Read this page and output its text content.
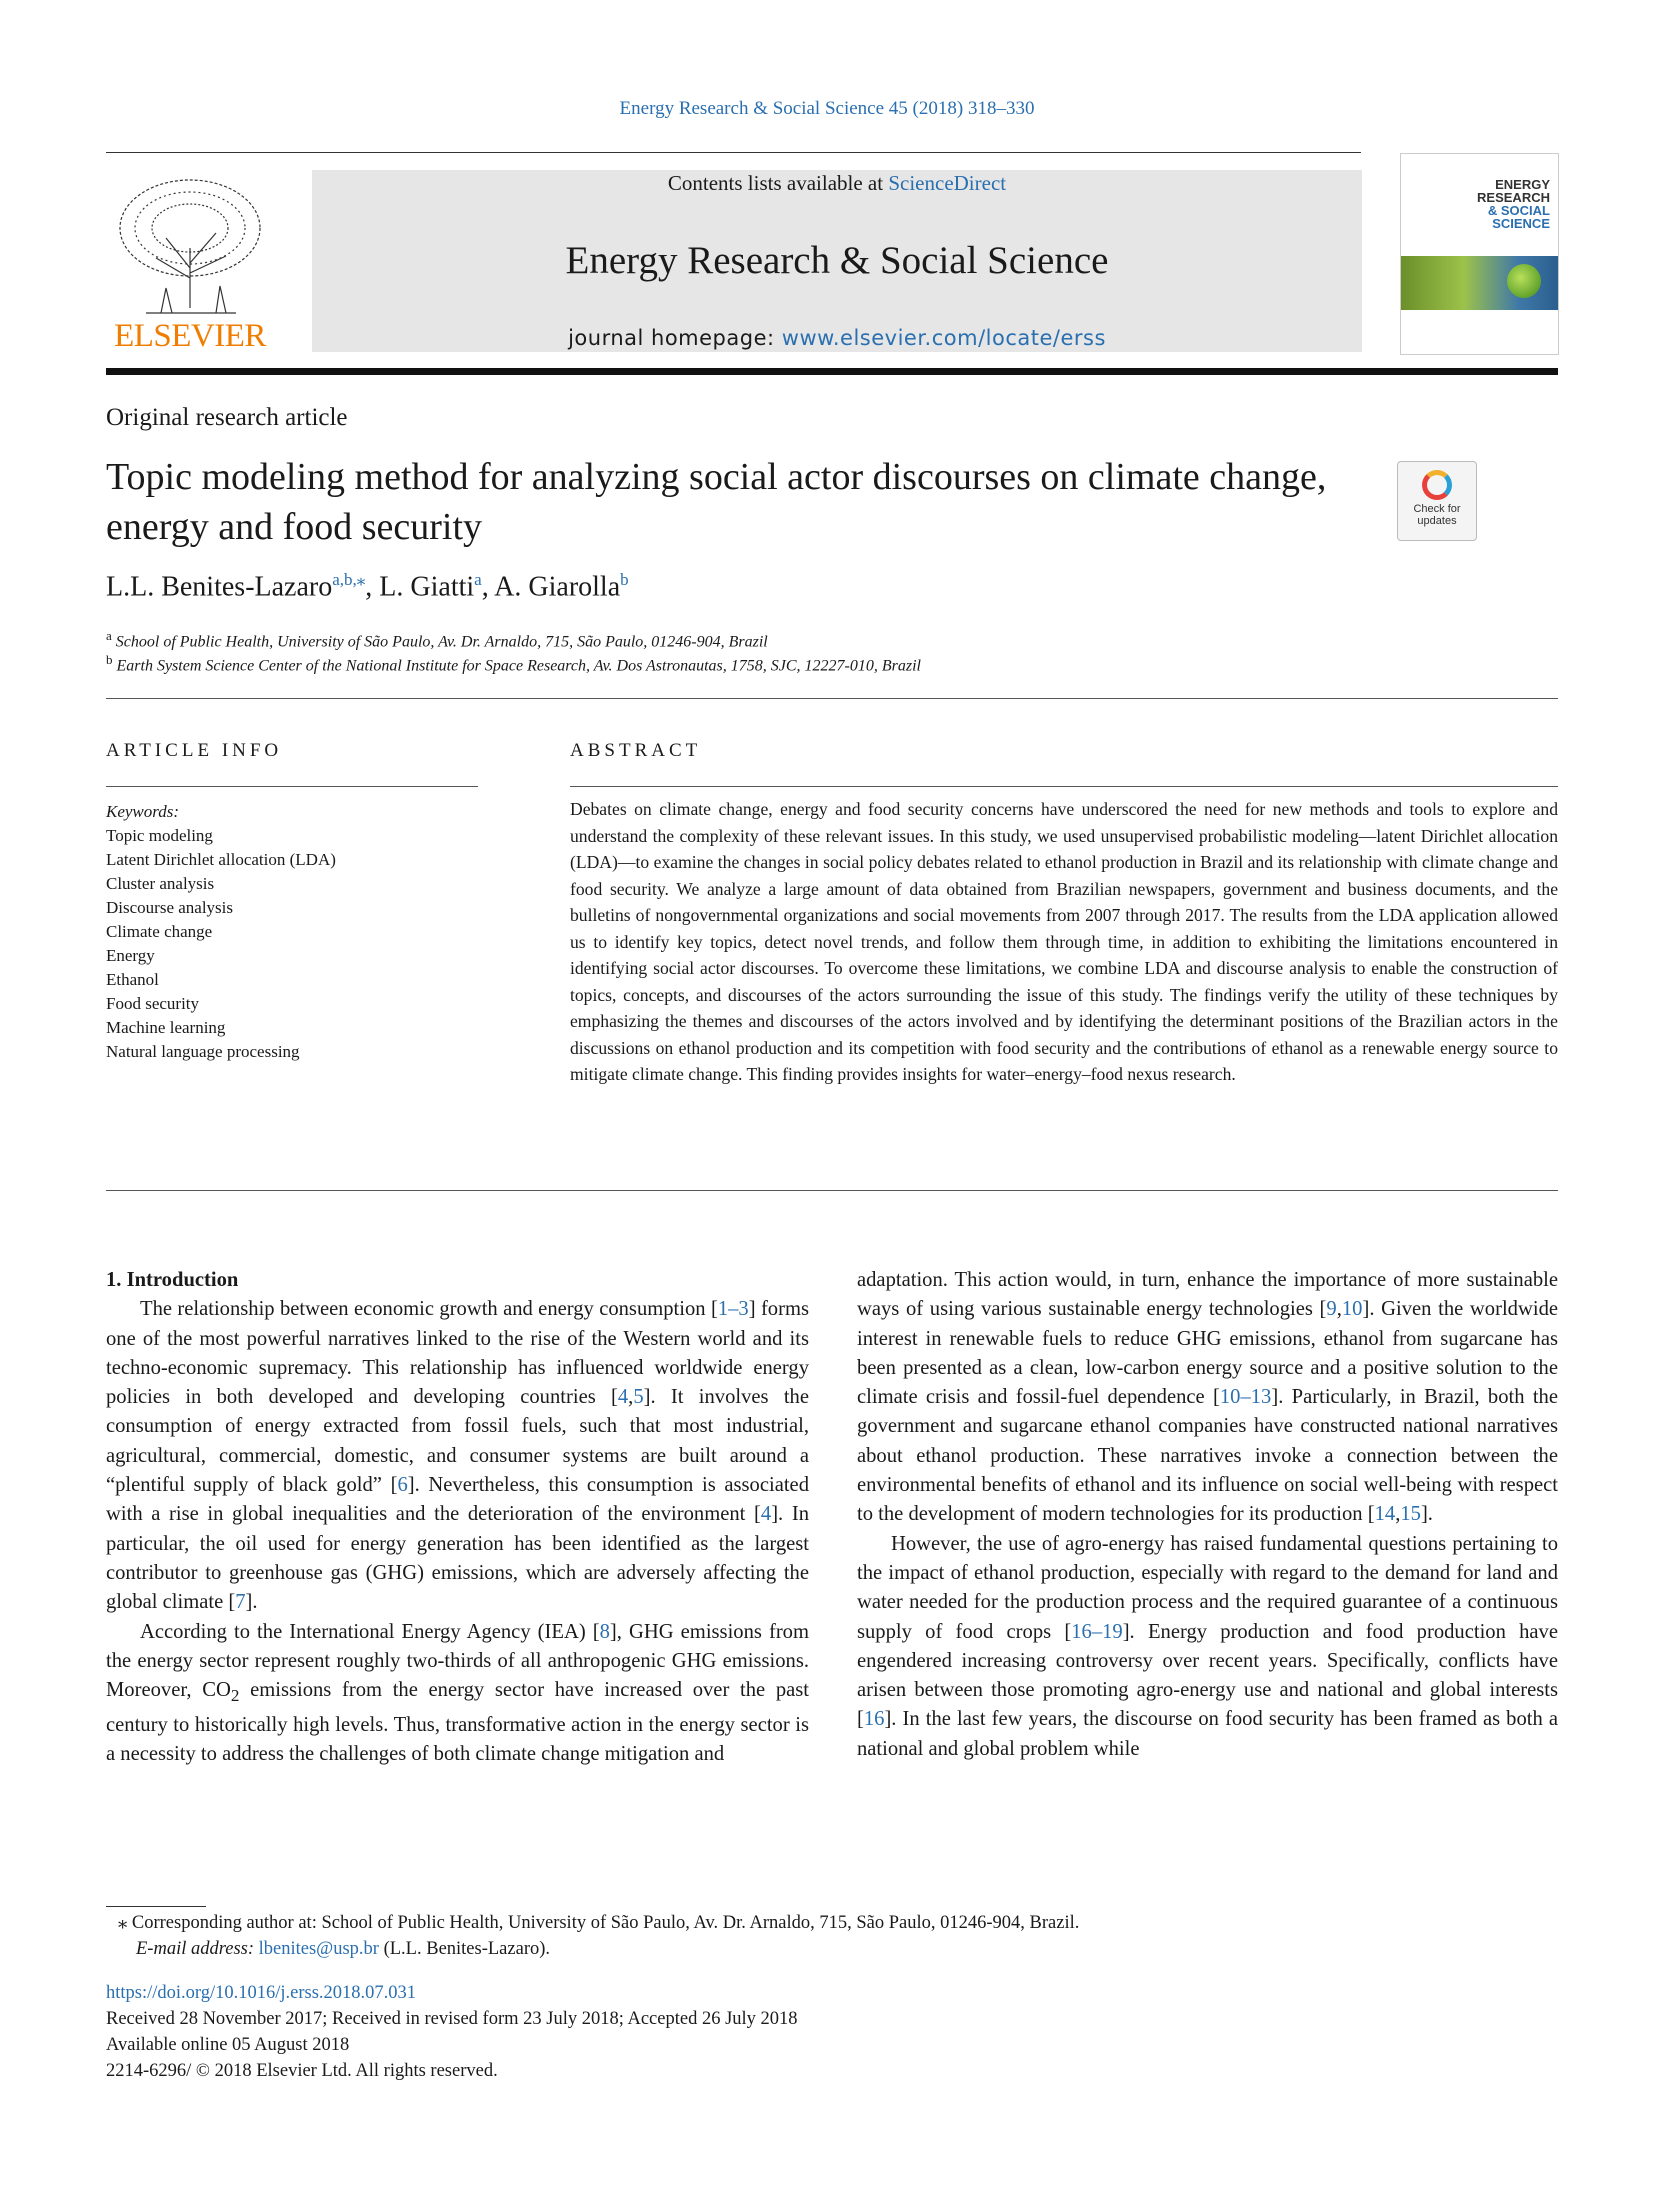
Energy Research & Social Science 45 (2018) 318–330
ELSEVIER
Contents lists available at ScienceDirect
Energy Research & Social Science
journal homepage: www.elsevier.com/locate/erss
ENERGY
RESEARCH
& SOCIAL
SCIENCE
Original research article
Topic modeling method for analyzing social actor discourses on climate change, energy and food security	Check for
updates
L.L. Benites-Lazaro$^{a,b,⁎}$, L. Giatti$^a$, A. Giarolla$^b$
$^a$ School of Public Health, University of São Paulo, Av. Dr. Arnaldo, 715, São Paulo, 01246-904, Brazil
$^b$ Earth System Science Center of the National Institute for Space Research, Av. Dos Astronautas, 1758, SJC, 12227-010, Brazil
ARTICLE INFO	ABSTRACT
Keywords:
Topic modeling
Latent Dirichlet allocation (LDA)
Cluster analysis
Discourse analysis
Climate change
Energy
Ethanol
Food security
Machine learning
Natural language processing
Debates on climate change, energy and food security concerns have underscored the need for new methods and tools to explore and understand the complexity of these relevant issues. In this study, we used unsupervised probabilistic modeling—latent Dirichlet allocation (LDA)—to examine the changes in social policy debates related to ethanol production in Brazil and its relationship with climate change and food security. We analyze a large amount of data obtained from Brazilian newspapers, government and business documents, and the bulletins of nongovernmental organizations and social movements from 2007 through 2017. The results from the LDA application allowed us to identify key topics, detect novel trends, and follow them through time, in addition to exhibiting the limitations encountered in identifying social actor discourses. To overcome these limitations, we combine LDA and discourse analysis to enable the construction of topics, concepts, and discourses of the actors surrounding the issue of this study. The findings verify the utility of these techniques by emphasizing the themes and discourses of the actors involved and by identifying the determinant positions of the Brazilian actors in the discussions on ethanol production and its competition with food security and the contributions of ethanol as a renewable energy source to mitigate climate change. This finding provides insights for water–energy–food nexus research.

1. Introduction

The relationship between economic growth and energy consumption [1–3] forms one of the most powerful narratives linked to the rise of the Western world and its techno-economic supremacy. This relationship has influenced worldwide energy policies in both developed and developing countries [4,5]. It involves the consumption of energy extracted from fossil fuels, such that most industrial, agricultural, commercial, domestic, and consumer systems are built around a “plentiful supply of black gold” [6]. Nevertheless, this consumption is associated with a rise in global inequalities and the deterioration of the environment [4]. In particular, the oil used for energy generation has been identified as the largest contributor to greenhouse gas (GHG) emissions, which are adversely affecting the global climate [7].

According to the International Energy Agency (IEA) [8], GHG emissions from the energy sector represent roughly two-thirds of all anthropogenic GHG emissions. Moreover, $CO_2$ emissions from the energy sector have increased over the past century to historically high levels. Thus, transformative action in the energy sector is a necessity to address the challenges of both climate change mitigation and

adaptation. This action would, in turn, enhance the importance of more sustainable ways of using various sustainable energy technologies [9,10]. Given the worldwide interest in renewable fuels to reduce GHG emissions, ethanol from sugarcane has been presented as a clean, low-carbon energy source and a positive solution to the climate crisis and fossil-fuel dependence [10–13]. Particularly, in Brazil, both the government and sugarcane ethanol companies have constructed national narratives about ethanol production. These narratives invoke a connection between the environmental benefits of ethanol and its influence on social well-being with respect to the development of modern technologies for its production [14,15].

However, the use of agro-energy has raised fundamental questions pertaining to the impact of ethanol production, especially with regard to the demand for land and water needed for the production process and the required guarantee of a continuous supply of food crops [16–19]. Energy production and food production have engendered increasing controversy over recent years. Specifically, conflicts have arisen between those promoting agro-energy use and national and global interests [16]. In the last few years, the discourse on food security has been framed as both a national and global problem while

⁎ Corresponding author at: School of Public Health, University of São Paulo, Av. Dr. Arnaldo, 715, São Paulo, 01246-904, Brazil.
E-mail address: lbenites@usp.br (L.L. Benites-Lazaro).
https://doi.org/10.1016/j.erss.2018.07.031
Received 28 November 2017; Received in revised form 23 July 2018; Accepted 26 July 2018
Available online 05 August 2018
2214-6296/ © 2018 Elsevier Ltd. All rights reserved.
